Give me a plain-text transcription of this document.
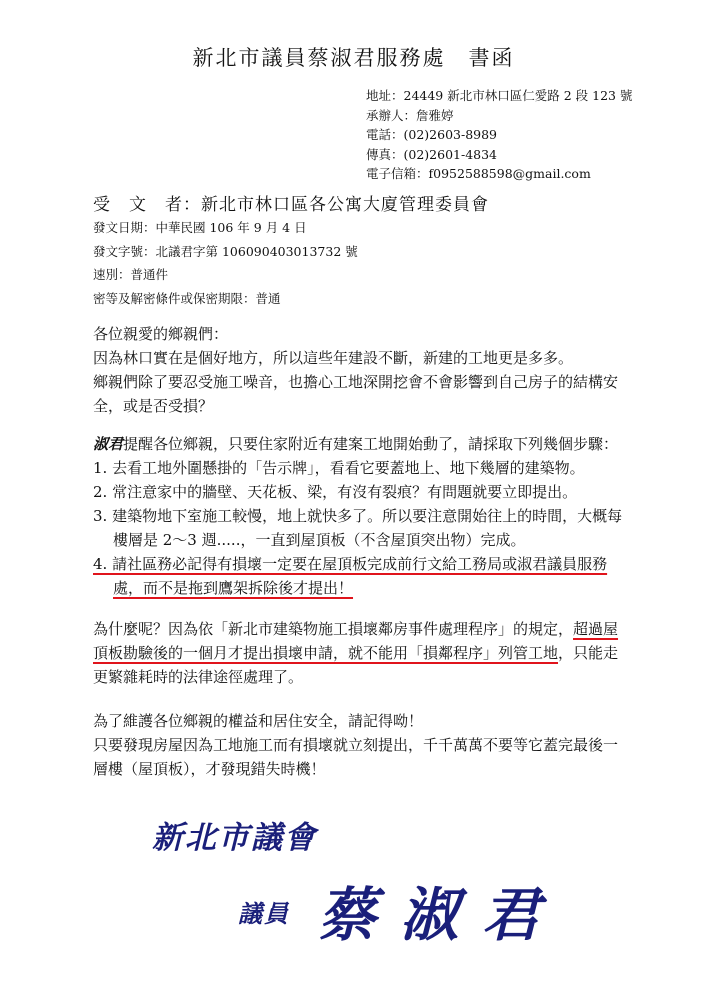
新北市議員蔡淑君服務處　書函
地址：24449 新北市林口區仁愛路 2 段 123 號
承辦人：詹雅婷
電話：(02)2603-8989
傳真：(02)2601-4834
電子信箱：f0952588598@gmail.com
受　文　者：新北市林口區各公寓大廈管理委員會
發文日期：中華民國 106 年 9 月 4 日
發文字號：北議君字第 106090403013732 號
速別：普通件
密等及解密條件或保密期限：普通
各位親愛的鄉親們：
因為林口實在是個好地方，所以這些年建設不斷，新建的工地更是多多。
鄉親們除了要忍受施工噪音，也擔心工地深開挖會不會影響到自己房子的結構安
全，或是否受損？
淑君提醒各位鄉親，只要住家附近有建案工地開始動了，請採取下列幾個步驟：
1. 去看工地外圍懸掛的「告示牌」，看看它要蓋地上、地下幾層的建築物。
2. 常注意家中的牆壁、天花板、梁，有沒有裂痕？有問題就要立即提出。
3. 建築物地下室施工較慢，地上就快多了。所以要注意開始往上的時間，大概每
樓層是 2～3 週.....，一直到屋頂板（不含屋頂突出物）完成。
4. 請社區務必記得有損壞一定要在屋頂板完成前行文給工務局或淑君議員服務
處，而不是拖到鷹架拆除後才提出！
為什麼呢？因為依「新北市建築物施工損壞鄰房事件處理程序」的規定，超過屋
頂板勘驗後的一個月才提出損壞申請，就不能用「損鄰程序」列管工地，只能走
更繁雜耗時的法律途徑處理了。
為了維護各位鄉親的權益和居住安全，請記得呦！
只要發現房屋因為工地施工而有損壞就立刻提出，千千萬萬不要等它蓋完最後一
層樓（屋頂板），才發現錯失時機！
新北市議會
議員 蔡淑君
